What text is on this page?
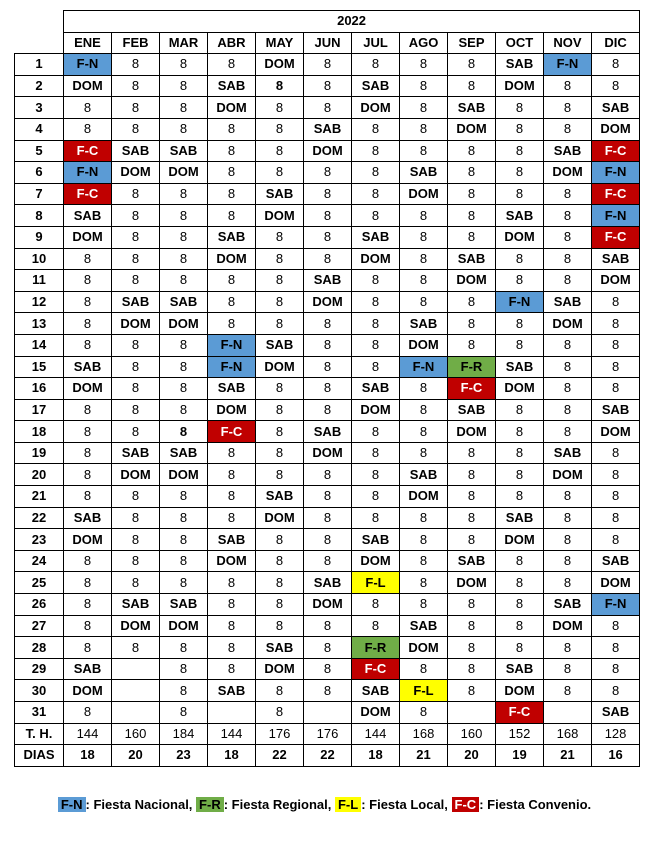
	2022											
	ENE	FEB	MAR	ABR	MAY	JUN	JUL	AGO	SEP	OCT	NOV	DIC
1	F-N	8	8	8	DOM	8	8	8	8	SAB	F-N	8
2	DOM	8	8	SAB	8	8	SAB	8	8	DOM	8	8
3	8	8	8	DOM	8	8	DOM	8	SAB	8	8	SAB
4	8	8	8	8	8	SAB	8	8	DOM	8	8	DOM
5	F-C	SAB	SAB	8	8	DOM	8	8	8	8	SAB	F-C
6	F-N	DOM	DOM	8	8	8	8	SAB	8	8	DOM	F-N
7	F-C	8	8	8	SAB	8	8	DOM	8	8	8	F-C
8	SAB	8	8	8	DOM	8	8	8	8	SAB	8	F-N
9	DOM	8	8	SAB	8	8	SAB	8	8	DOM	8	F-C
10	8	8	8	DOM	8	8	DOM	8	SAB	8	8	SAB
11	8	8	8	8	8	SAB	8	8	DOM	8	8	DOM
12	8	SAB	SAB	8	8	DOM	8	8	8	F-N	SAB	8
13	8	DOM	DOM	8	8	8	8	SAB	8	8	DOM	8
14	8	8	8	F-N	SAB	8	8	DOM	8	8	8	8
15	SAB	8	8	F-N	DOM	8	8	F-N	F-R	SAB	8	8
16	DOM	8	8	SAB	8	8	SAB	8	F-C	DOM	8	8
17	8	8	8	DOM	8	8	DOM	8	SAB	8	8	SAB
18	8	8	8	F-C	8	SAB	8	8	DOM	8	8	DOM
19	8	SAB	SAB	8	8	DOM	8	8	8	8	SAB	8
20	8	DOM	DOM	8	8	8	8	SAB	8	8	DOM	8
21	8	8	8	8	SAB	8	8	DOM	8	8	8	8
22	SAB	8	8	8	DOM	8	8	8	8	SAB	8	8
23	DOM	8	8	SAB	8	8	SAB	8	8	DOM	8	8
24	8	8	8	DOM	8	8	DOM	8	SAB	8	8	SAB
25	8	8	8	8	8	SAB	F-L	8	DOM	8	8	DOM
26	8	SAB	SAB	8	8	DOM	8	8	8	8	SAB	F-N
27	8	DOM	DOM	8	8	8	8	SAB	8	8	DOM	8
28	8	8	8	8	SAB	8	F-R	DOM	8	8	8	8
29	SAB		8	8	DOM	8	F-C	8	8	SAB	8	8
30	DOM		8	SAB	8	8	SAB	F-L	8	DOM	8	8
31	8		8		8		DOM	8		F-C		SAB
T. H.	144	160	184	144	176	176	144	168	160	152	168	128
DIAS	18	20	23	18	22	22	18	21	20	19	21	16
F-N : Fiesta Nacional, F-R : Fiesta Regional, F-L : Fiesta Local, F-C : Fiesta Convenio.
